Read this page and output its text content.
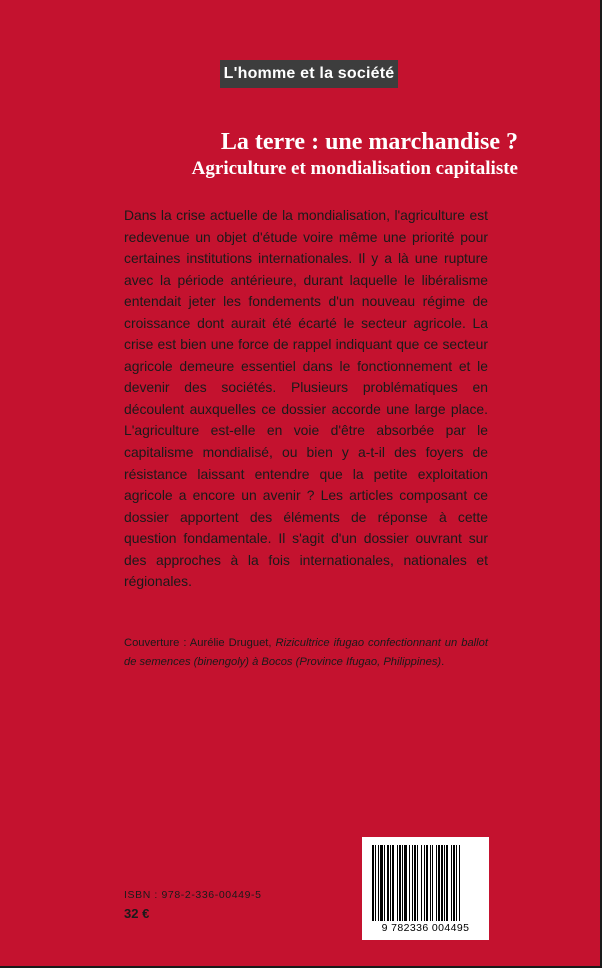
L'homme et la société
La terre : une marchandise ?
Agriculture et mondialisation capitaliste
Dans la crise actuelle de la mondialisation, l'agriculture est redevenue un objet d'étude voire même une priorité pour certaines institutions internationales. Il y a là une rupture avec la période antérieure, durant laquelle le libéralisme entendait jeter les fondements d'un nouveau régime de croissance dont aurait été écarté le secteur agricole. La crise est bien une force de rappel indiquant que ce secteur agricole demeure essentiel dans le fonctionnement et le devenir des sociétés. Plusieurs problématiques en découlent auxquelles ce dossier accorde une large place. L'agriculture est-elle en voie d'être absorbée par le capitalisme mondialisé, ou bien y a-t-il des foyers de résistance laissant entendre que la petite exploitation agricole a encore un avenir ? Les articles composant ce dossier apportent des éléments de réponse à cette question fondamentale. Il s'agit d'un dossier ouvrant sur des approches à la fois internationales, nationales et régionales.
Couverture : Aurélie Druguet, Rizicultrice ifugao confectionnant un ballot de semences (binengoly) à Bocos (Province Ifugao, Philippines).
ISBN : 978-2-336-00449-5
32 €
9 782336 004495
